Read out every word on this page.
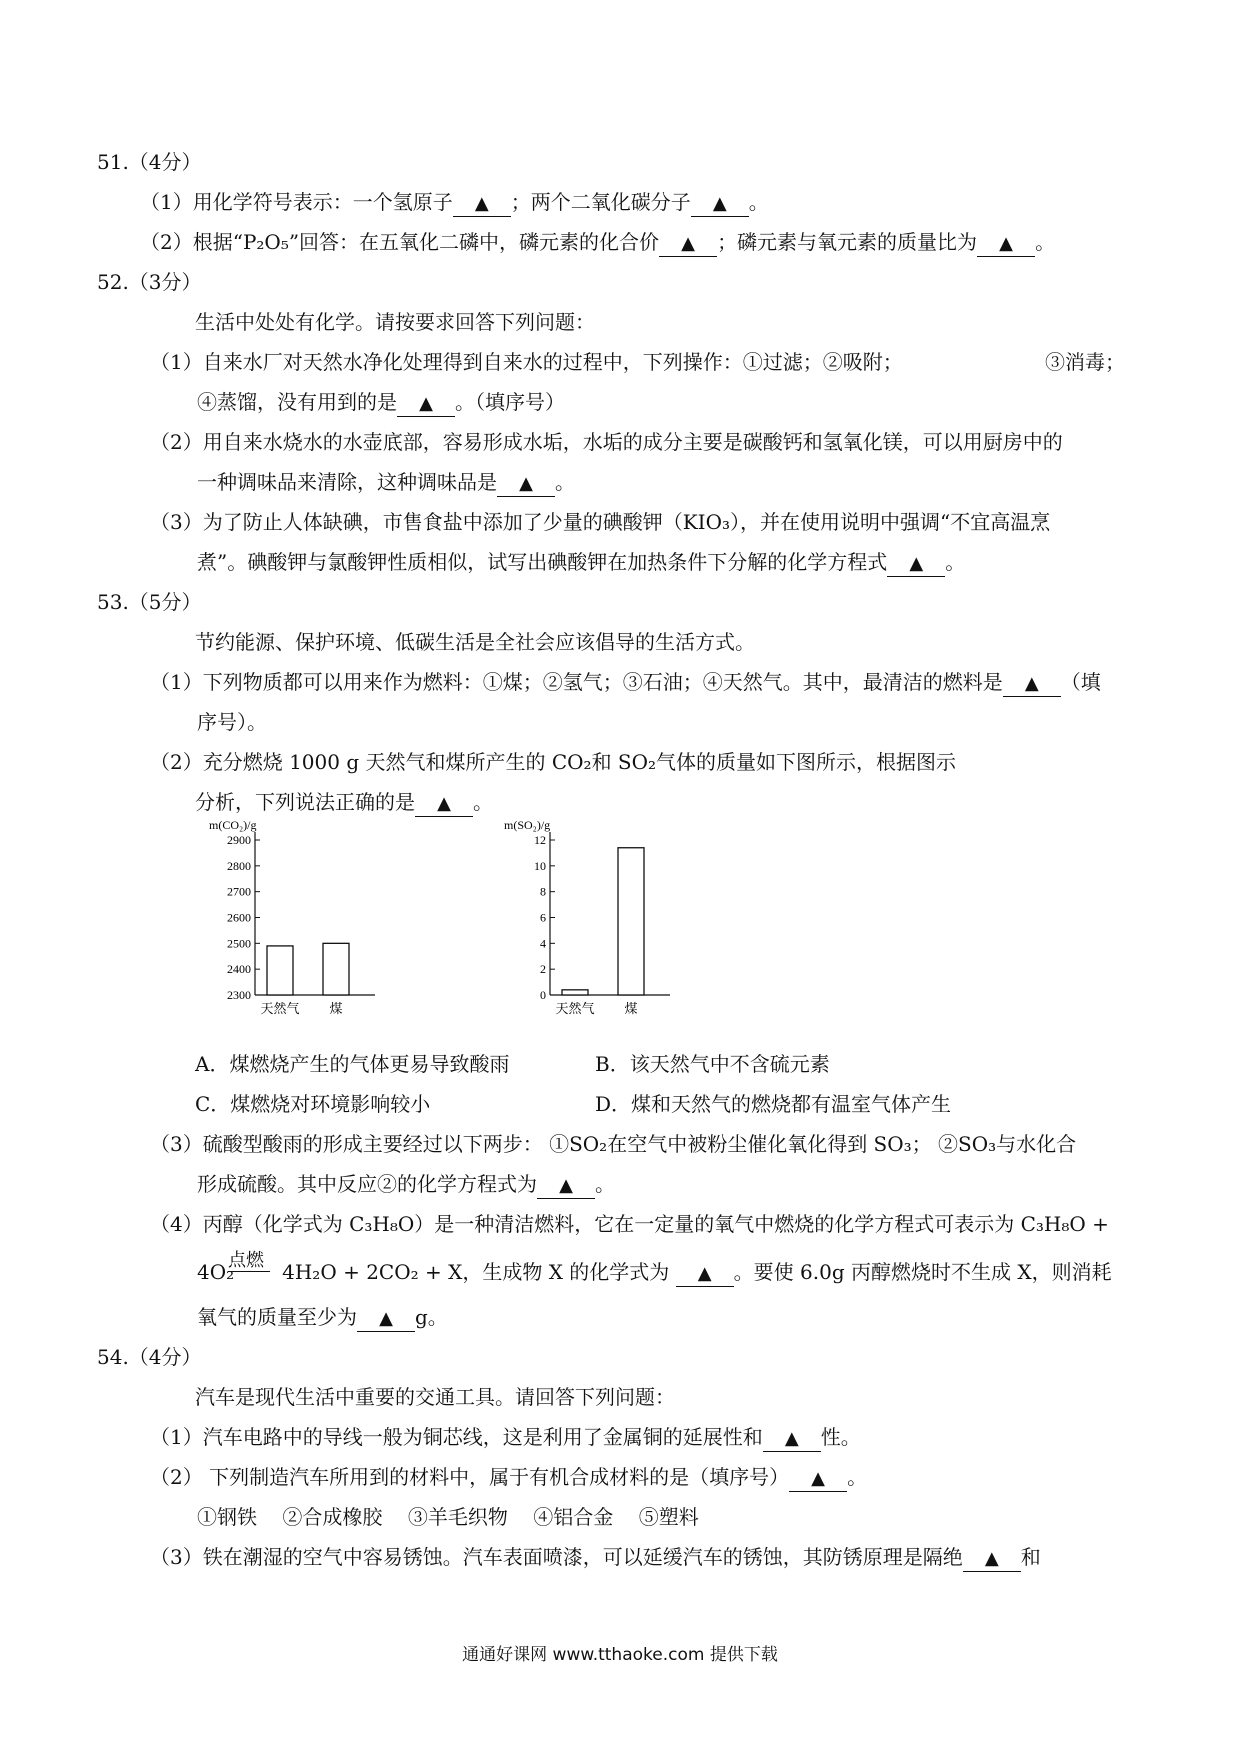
51.（4分）
（1）用化学符号表示：一个氢原子 ▲ ；两个二氧化碳分子 ▲ 。
（2）根据“P₂O₅”回答：在五氧化二磷中，磷元素的化合价 ▲ ；磷元素与氧元素的质量比为 ▲ 。
52.（3分）
生活中处处有化学。请按要求回答下列问题：
（1）自来水厂对天然水净化处理得到自来水的过程中，下列操作：①过滤；②吸附；	③消毒；
④蒸馏，没有用到的是 ▲ 。（填序号）
（2）用自来水烧水的水壶底部，容易形成水垢，水垢的成分主要是碳酸钙和氢氧化镁，可以用厨房中的
一种调味品来清除，这种调味品是 ▲ 。
（3）为了防止人体缺碘，市售食盐中添加了少量的碘酸钾（KIO₃），并在使用说明中强调“不宜高温烹
煮”。碘酸钾与氯酸钾性质相似，试写出碘酸钾在加热条件下分解的化学方程式 ▲ 。
53.（5分）
节约能源、保护环境、低碳生活是全社会应该倡导的生活方式。
（1）下列物质都可以用来作为燃料：①煤；②氢气；③石油；④天然气。其中，最清洁的燃料是 ▲ （填
序号）。
（2）充分燃烧 1000 g 天然气和煤所产生的 CO₂和 SO₂气体的质量如下图所示，根据图示
分析，下列说法正确的是 ▲ 。
m(CO₂)/g
2300
2400
2500
2600
2700
2800
2900
天然气 煤
m(SO₂)/g
0
2
4
6
8
10
12
天然气 煤
A．煤燃烧产生的气体更易导致酸雨	B．该天然气中不含硫元素
C．煤燃烧对环境影响较小	D．煤和天然气的燃烧都有温室气体产生
（3）硫酸型酸雨的形成主要经过以下两步： ①SO₂在空气中被粉尘催化氧化得到 SO₃； ②SO₃与水化合
形成硫酸。其中反应②的化学方程式为 ▲ 。
（4）丙醇（化学式为 C₃H₈O）是一种清洁燃料，它在一定量的氧气中燃烧的化学方程式可表示为 C₃H₈O +
点燃
4O₂ 4H₂O + 2CO₂ + X，生成物 X 的化学式为 ▲ 。要使 6.0g 丙醇燃烧时不生成 X，则消耗
氧气的质量至少为 ▲ g。
54.（4分）
汽车是现代生活中重要的交通工具。请回答下列问题：
（1）汽车电路中的导线一般为铜芯线，这是利用了金属铜的延展性和 ▲ 性。
（2） 下列制造汽车所用到的材料中，属于有机合成材料的是（填序号） ▲ 。
①钢铁    ②合成橡胶    ③羊毛织物    ④铝合金    ⑤塑料
（3）铁在潮湿的空气中容易锈蚀。汽车表面喷漆，可以延缓汽车的锈蚀，其防锈原理是隔绝 ▲ 和
通通好课网 www.tthaoke.com 提供下载
